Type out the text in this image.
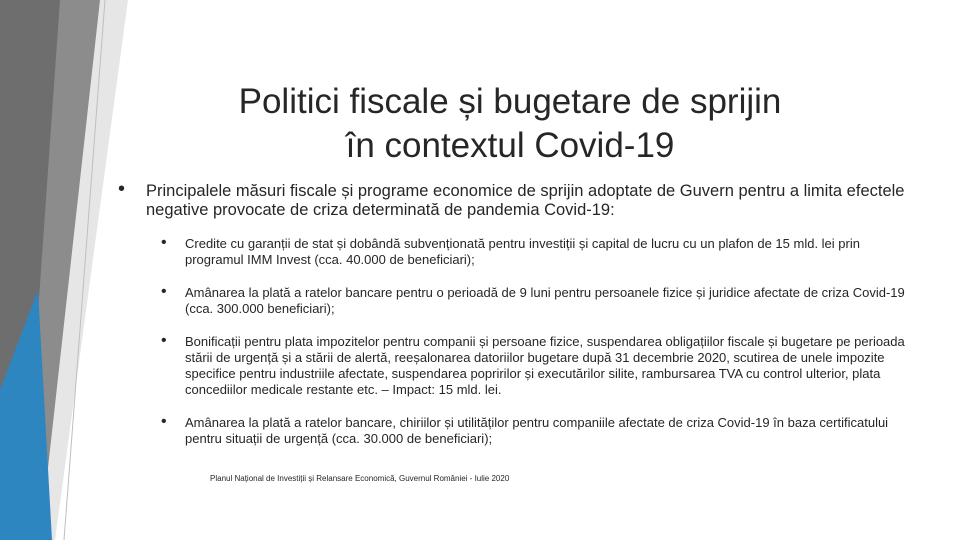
Politici fiscale și bugetare de sprijin
în contextul Covid-19
• Principalele măsuri fiscale și programe economice de sprijin adoptate de Guvern pentru a limita efectele negative provocate de criza determinată de pandemia Covid-19:
• Credite cu garanții de stat și dobândă subvenționată pentru investiții și capital de lucru cu un plafon de 15 mld. lei prin programul IMM Invest (cca. 40.000 de beneficiari);
• Amânarea la plată a ratelor bancare pentru o perioadă de 9 luni pentru persoanele fizice și juridice afectate de criza Covid-19 (cca. 300.000 beneficiari);
• Bonificații pentru plata impozitelor pentru companii și persoane fizice, suspendarea obligațiilor fiscale și bugetare pe perioada stării de urgență și a stării de alertă, reeșalonarea datoriilor bugetare după 31 decembrie 2020, scutirea de unele impozite specifice pentru industriile afectate, suspendarea popririlor și executărilor silite, rambursarea TVA cu control ulterior, plata concediilor medicale restante etc. – Impact: 15 mld. lei.
• Amânarea la plată a ratelor bancare, chiriilor și utilităților pentru companiile afectate de criza Covid-19 în baza certificatului pentru situații de urgență (cca. 30.000 de beneficiari);
Planul Național de Investiții și Relansare Economică, Guvernul României - Iulie 2020
